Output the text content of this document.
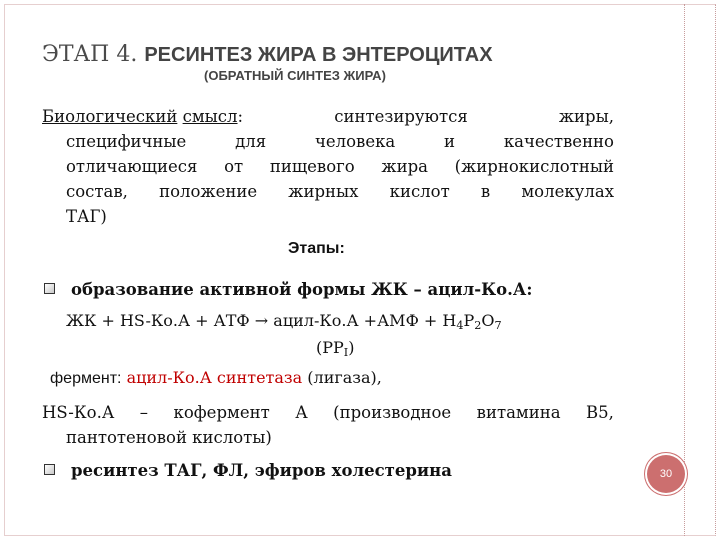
ЭТАП 4. РЕСИНТЕЗ ЖИРА В ЭНТЕРОЦИТАХ
(ОБРАТНЫЙ СИНТЕЗ ЖИРА)
Биологический смысл:	синтезируются	жиры,
специфичные для человека и качественно
отличающиеся от пищевого жира (жирнокислотный
состав, положение жирных кислот в молекулах
ТАГ)
Этапы:
образование активной формы ЖК – ацил-Ко.А:
ЖК + HS-Ко.А + АТФ → ацил-Ко.А $+АМФ + H_4P_2O_7$
$(PP_I)$
фермент: ацил-Ко.А синтетаза (лигаза),
HS-Ко.А – кофермент А (производное витамина В5,
пантотеновой кислоты)
ресинтез ТАГ, ФЛ, эфиров холестерина	30
